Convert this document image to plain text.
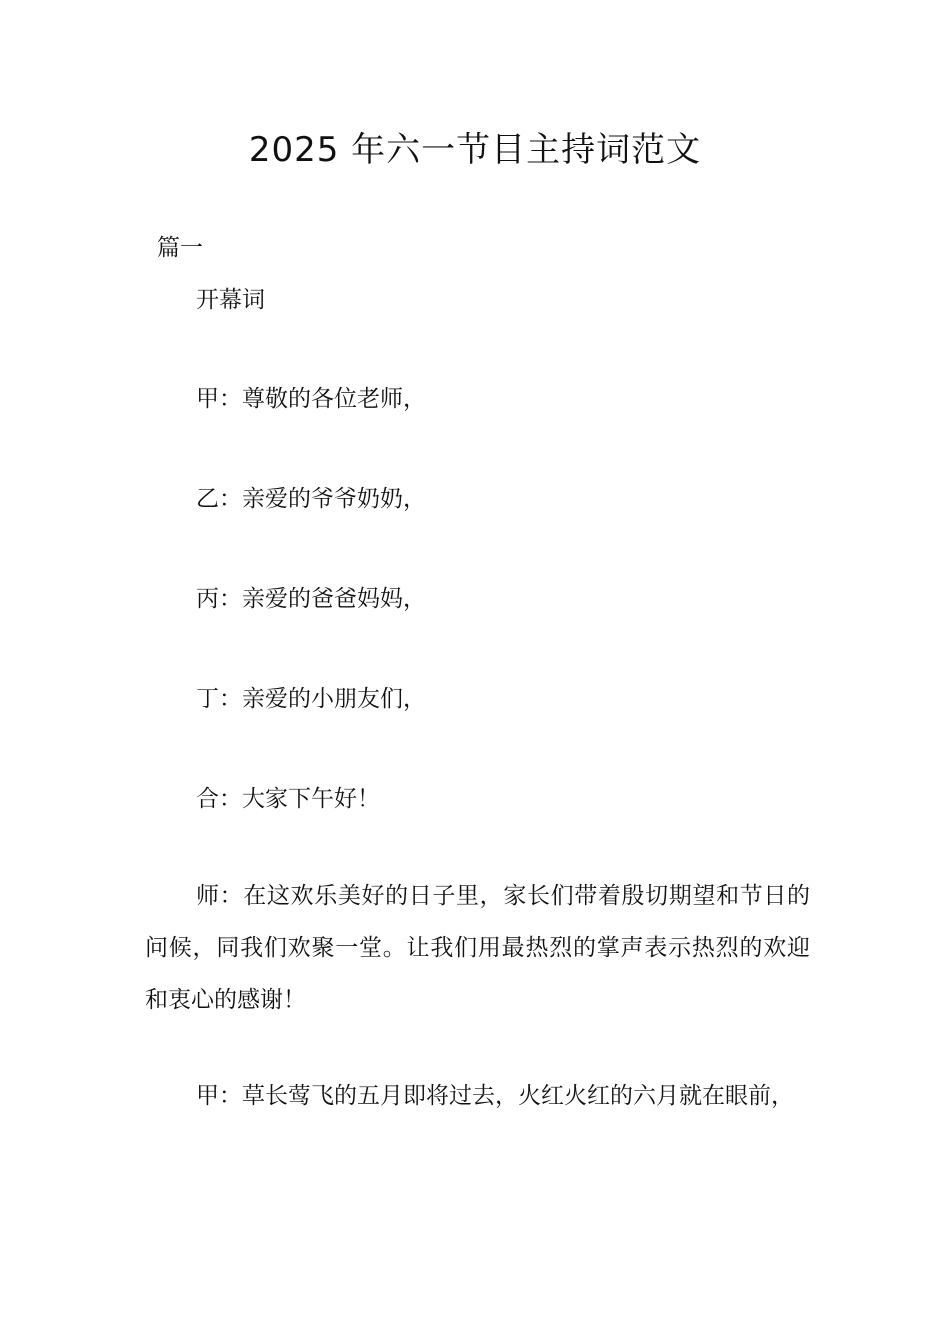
2025 年六一节目主持词范文

篇一

开幕词

甲：尊敬的各位老师，

乙：亲爱的爷爷奶奶，

丙：亲爱的爸爸妈妈，

丁：亲爱的小朋友们，

合：大家下午好！

师：在这欢乐美好的日子里，家长们带着殷切期望和节日的问候，同我们欢聚一堂。让我们用最热烈的掌声表示热烈的欢迎和衷心的感谢！

甲：草长莺飞的五月即将过去，火红火红的六月就在眼前，
